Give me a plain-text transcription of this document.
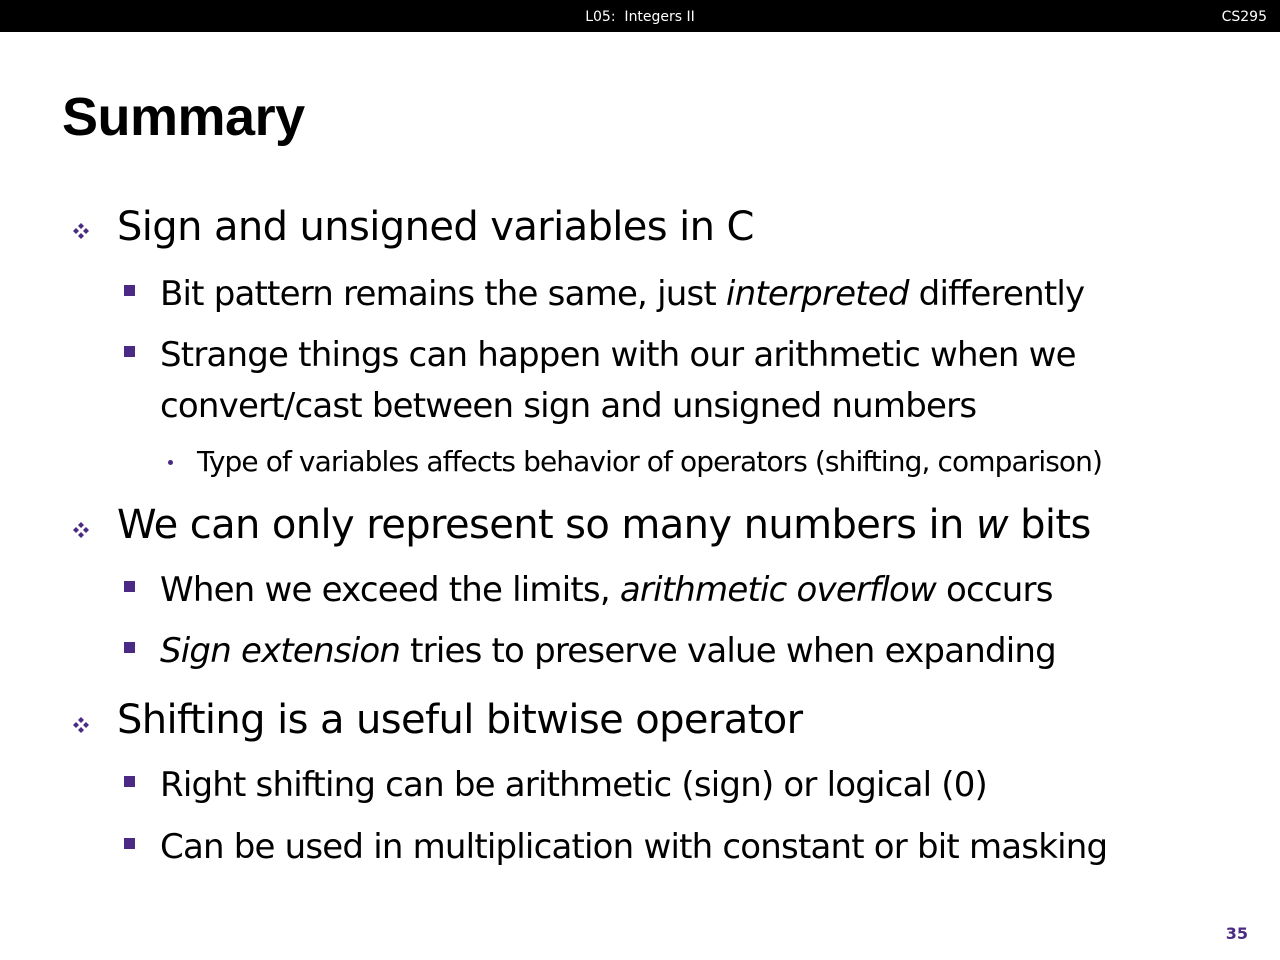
L05:  Integers II	CS295
Summary
Sign and unsigned variables in C
Bit pattern remains the same, just interpreted differently
Strange things can happen with our arithmetic when we
convert/cast between sign and unsigned numbers
Type of variables affects behavior of operators (shifting, comparison)
We can only represent so many numbers in w bits
When we exceed the limits, arithmetic overflow occurs
Sign extension tries to preserve value when expanding
Shifting is a useful bitwise operator
Right shifting can be arithmetic (sign) or logical (0)
Can be used in multiplication with constant or bit masking
35
